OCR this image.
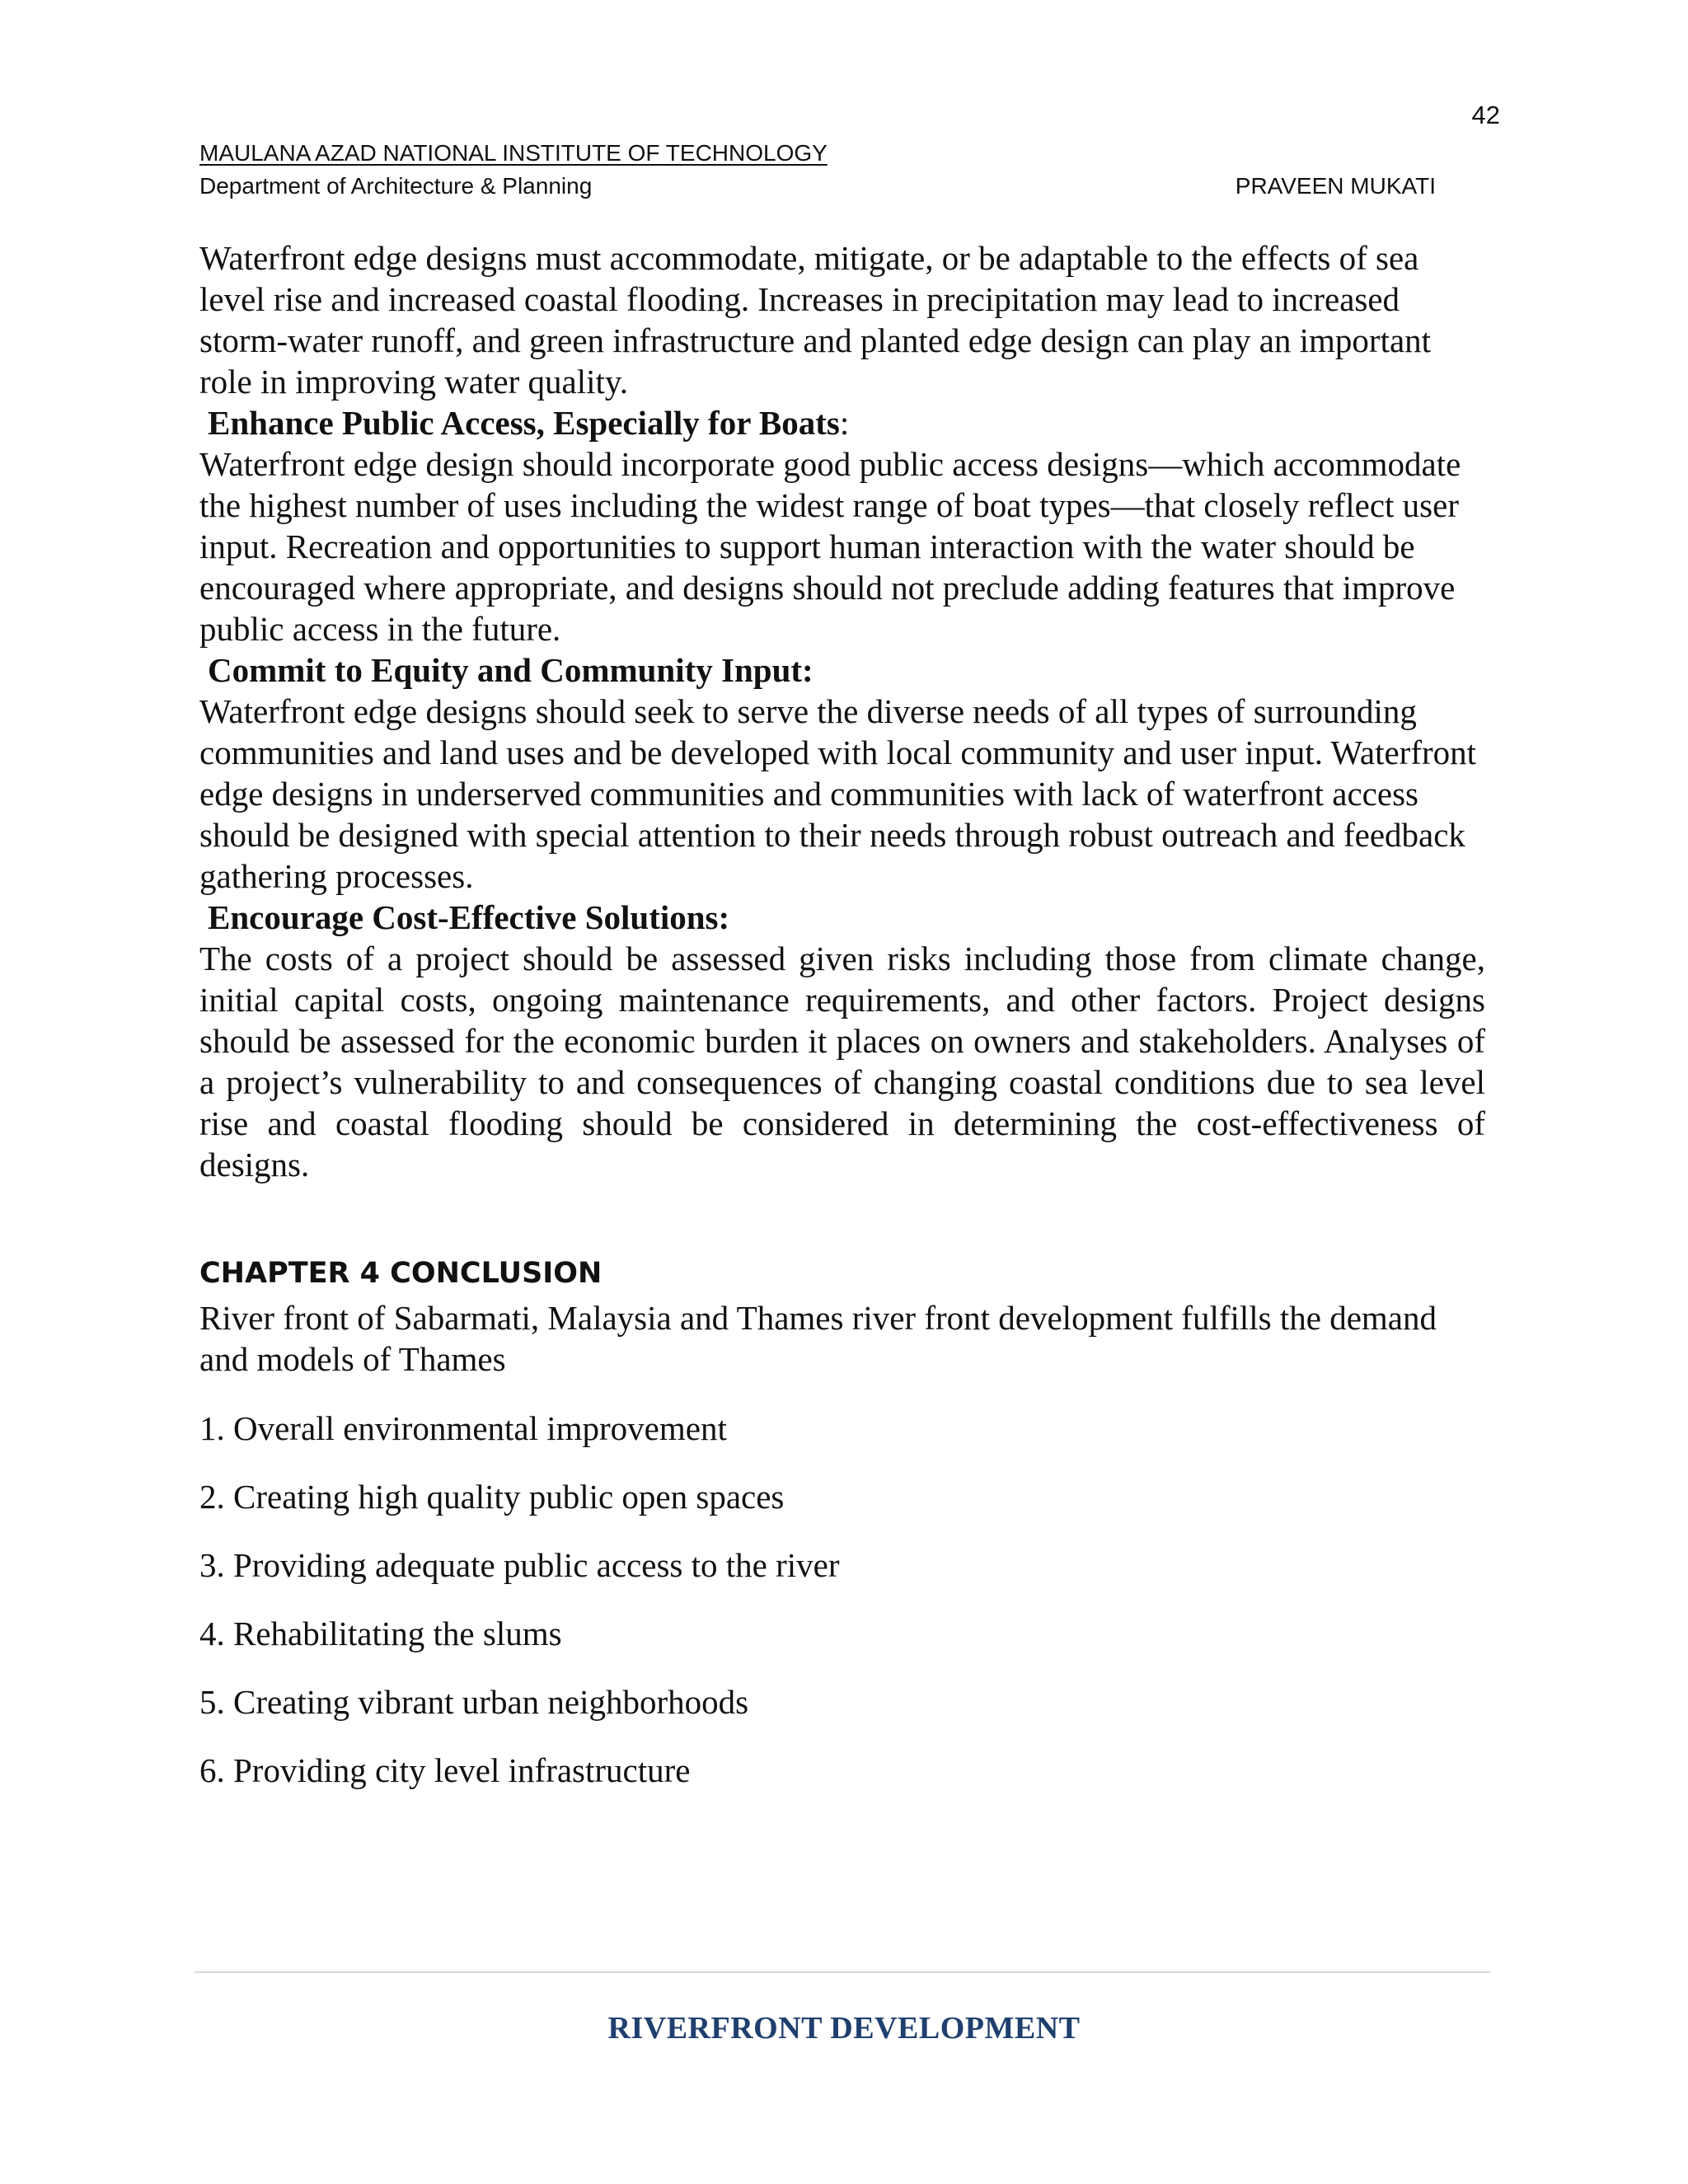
42
MAULANA AZAD NATIONAL INSTITUTE OF TECHNOLOGY
Department of Architecture & Planning	PRAVEEN MUKATI

Waterfront edge designs must accommodate, mitigate, or be adaptable to the effects of sea level rise and increased coastal flooding. Increases in precipitation may lead to increased storm-water runoff, and green infrastructure and planted edge design can play an important role in improving water quality.

Enhance Public Access, Especially for Boats:

Waterfront edge design should incorporate good public access designs—which accommodate the highest number of uses including the widest range of boat types—that closely reflect user input. Recreation and opportunities to support human interaction with the water should be encouraged where appropriate, and designs should not preclude adding features that improve public access in the future.

Commit to Equity and Community Input:

Waterfront edge designs should seek to serve the diverse needs of all types of surrounding communities and land uses and be developed with local community and user input. Waterfront edge designs in underserved communities and communities with lack of waterfront access should be designed with special attention to their needs through robust outreach and feedback gathering processes.

Encourage Cost-Effective Solutions:

The costs of a project should be assessed given risks including those from climate change, initial capital costs, ongoing maintenance requirements, and other factors. Project designs should be assessed for the economic burden it places on owners and stakeholders. Analyses of a project’s vulnerability to and consequences of changing coastal conditions due to sea level rise and coastal flooding should be considered in determining the cost-effectiveness of designs.

CHAPTER 4 CONCLUSION

River front of Sabarmati, Malaysia and Thames river front development fulfills the demand and models of Thames

1. Overall environmental improvement
2. Creating high quality public open spaces
3. Providing adequate public access to the river
4. Rehabilitating the slums
5. Creating vibrant urban neighborhoods
6. Providing city level infrastructure
RIVERFRONT DEVELOPMENT
